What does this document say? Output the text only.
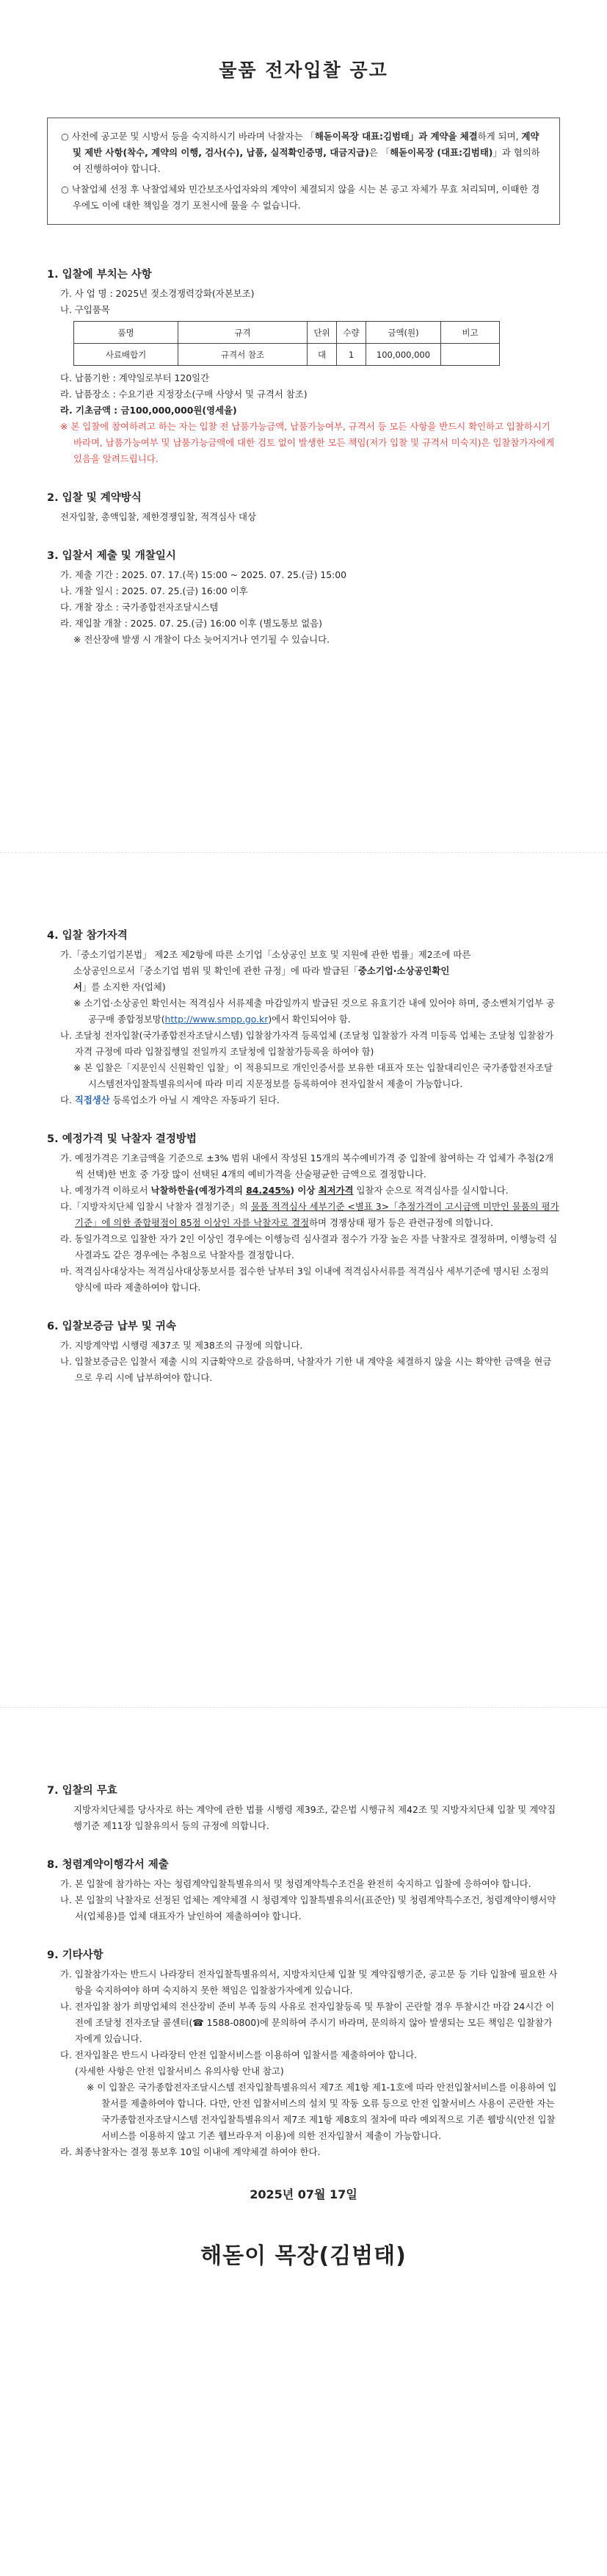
물품 전자입찰 공고

○ 사전에 공고문 및 시방서 등을 숙지하시기 바라며 낙찰자는 「해돋이목장 대표:김범태」과 계약을 체결하게 되며, 계약 및 제반 사항(착수, 계약의 이행, 검사(수), 납품, 실적확인증명, 대금지급)은 「해돋이목장 (대표:김범태)」과 협의하여 진행하여야 합니다.

○ 낙찰업체 선정 후 낙찰업체와 민간보조사업자와의 계약이 체결되지 않을 시는 본 공고 자체가 무효 처리되며, 이때한 경우에도 이에 대한 책임을 경기 포천시에 물을 수 없습니다.

1. 입찰에 부치는 사항

가. 사 업 명 : 2025년 젖소경쟁력강화(자본보조)

나. 구입품목

품명	규격	단위	수량	금액(원)	비고
사료배합기	규격서 참조	대	1	100,000,000	

다. 납품기한 : 계약일로부터 120일간

라. 납품장소 : 수요기관 지정장소(구매 사양서 및 규격서 참조)

라. 기초금액 : 금100,000,000원(영세율)

※ 본 입찰에 참여하려고 하는 자는 입찰 전 납품가능금액, 납품가능여부, 규격서 등 모든 사항을 반드시 확인하고 입찰하시기 바라며, 납품가능여부 및 납품가능금액에 대한 검토 없이 발생한 모든 책임(저가 입찰 및 규격서 미숙지)은 입찰참가자에게 있음을 알려드립니다.

2. 입찰 및 계약방식

전자입찰, 총액입찰, 제한경쟁입찰, 적격심사 대상

3. 입찰서 제출 및 개찰일시

가. 제출 기간 : 2025. 07. 17.(목) 15:00 ~ 2025. 07. 25.(금) 15:00

나. 개찰 일시 : 2025. 07. 25.(금) 16:00 이후

다. 개찰 장소 : 국가종합전자조달시스템

라. 재입찰 개찰 : 2025. 07. 25.(금) 16:00 이후 (별도통보 없음)

※ 전산장애 발생 시 개찰이 다소 늦어지거나 연기될 수 있습니다.

4. 입찰 참가자격

가.「중소기업기본법」 제2조 제2항에 따른 소기업「소상공인 보호 및 지원에 관한 법률」제2조에 따른

소상공인으로서「중소기업 범위 및 확인에 관한 규정」에 따라 발급된「중소기업·소상공인확인

서」를 소지한 자(업체)

※ 소기업·소상공인 확인서는 적격심사 서류제출 마감일까지 발급된 것으로 유효기간 내에 있어야 하며, 중소벤처기업부 공공구매 종합정보망(http://www.smpp.go.kr)에서 확인되어야 함.

나. 조달청 전자입찰(국가종합전자조달시스템) 입찰참가자격 등록업체 (조달청 입찰참가 자격 미등록 업체는 조달청 입찰참가자격 규정에 따라 입찰집행일 전일까지 조달청에 입찰참가등록을 하여야 함)

※ 본 입찰은「지문인식 신원확인 입찰」이 적용되므로 개인인증서를 보유한 대표자 또는 입찰대리인은 국가종합전자조달시스템전자입찰특별유의서에 따라 미리 지문정보를 등록하여야 전자입찰서 제출이 가능합니다.

다. 직접생산 등록업소가 아닐 시 계약은 자동파기 된다.

5. 예정가격 및 낙찰자 결정방법

가. 예정가격은 기초금액을 기준으로 ±3% 범위 내에서 작성된 15개의 복수예비가격 중 입찰에 참여하는 각 업체가 추첨(2개씩 선택)한 번호 중 가장 많이 선택된 4개의 예비가격을 산술평균한 금액으로 결정합니다.

나. 예정가격 이하로서 낙찰하한율(예정가격의 84.245%) 이상 최저가격 입찰자 순으로 적격심사를 실시합니다.

다.「지방자치단체 입찰시 낙찰자 결정기준」의 물품 적격심사 세부기준 <별표 3>「추정가격이 고시금액 미만인 물품의 평가기준」에 의한 종합평점이 85점 이상인 자를 낙찰자로 결정하며 경쟁상태 평가 등은 관련규정에 의합니다.

라. 동일가격으로 입찰한 자가 2인 이상인 경우에는 이행능력 심사결과 점수가 가장 높은 자를 낙찰자로 결정하며, 이행능력 심사결과도 같은 경우에는 추첨으로 낙찰자를 결정합니다.

마. 적격심사대상자는 적격심사대상통보서를 접수한 날부터 3일 이내에 적격심사서류를 적격심사 세부기준에 명시된 소정의 양식에 따라 제출하여야 합니다.

6. 입찰보증금 납부 및 귀속

가. 지방계약법 시행령 제37조 및 제38조의 규정에 의합니다.

나. 입찰보증금은 입찰서 제출 시의 지급확약으로 갈음하며, 낙찰자가 기한 내 계약을 체결하지 않을 시는 확약한 금액을 현금으로 우리 시에 납부하여야 합니다.

7. 입찰의 무효

지방자치단체를 당사자로 하는 계약에 관한 법률 시행령 제39조, 같은법 시행규칙 제42조 및 지방자치단체 입찰 및 계약집행기준 제11장 입찰유의서 등의 규정에 의합니다.

8. 청렴계약이행각서 제출

가. 본 입찰에 참가하는 자는 청렴계약입찰특별유의서 및 청렴계약특수조건을 완전히 숙지하고 입찰에 응하여야 합니다.

나. 본 입찰의 낙찰자로 선정된 업체는 계약체결 시 청렴계약 입찰특별유의서(표준안) 및 청렴계약특수조건, 청렴계약이행서약서(업체용)를 업체 대표자가 날인하여 제출하여야 합니다.

9. 기타사항

가. 입찰참가자는 반드시 나라장터 전자입찰특별유의서, 지방자치단체 입찰 및 계약집행기준, 공고문 등 기타 입찰에 필요한 사항을 숙지하여야 하며 숙지하지 못한 책임은 입찰참가자에게 있습니다.

나. 전자입찰 참가 희망업체의 전산장비 준비 부족 등의 사유로 전자입찰등록 및 투찰이 곤란할 경우 투찰시간 마감 24시간 이전에 조달청 전자조달 콜센터(☎ 1588-0800)에 문의하여 주시기 바라며, 문의하지 않아 발생되는 모든 책임은 입찰참가자에게 있습니다.

다. 전자입찰은 반드시 나라장터 안전 입찰서비스를 이용하여 입찰서를 제출하여야 합니다.

(자세한 사항은 안전 입찰서비스 유의사항 안내 참고)

※ 이 입찰은 국가종합전자조달시스템 전자입찰특별유의서 제7조 제1항 제1-1호에 따라 안전입찰서비스를 이용하여 입찰서를 제출하여야 합니다. 다만, 안전 입찰서비스의 설치 및 작동 오류 등으로 안전 입찰서비스 사용이 곤란한 자는 국가종합전자조달시스템 전자입찰특별유의서 제7조 제1항 제8호의 절차에 따라 예외적으로 기존 웹방식(안전 입찰서비스를 이용하지 않고 기존 웹브라우저 이용)에 의한 전자입찰서 제출이 가능합니다.

라. 최종낙찰자는 결정 통보후 10일 이내에 계약체결 하여야 한다.

2025년 07월 17일

해돋이 목장(김범태)
